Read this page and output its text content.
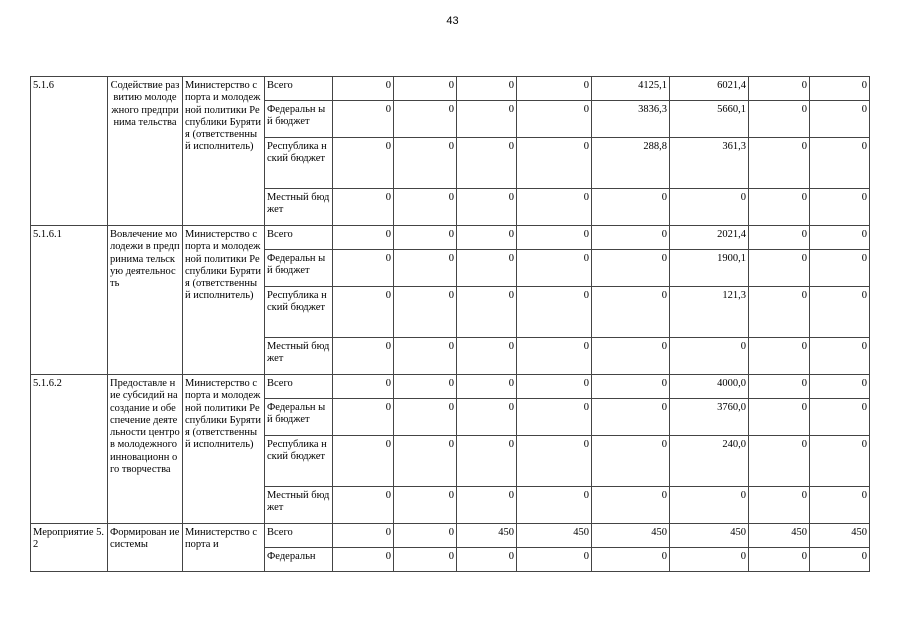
43
5.1.6	Содействие развитию молодежного предпринима тельства	Министерство спорта и молодежной политики Республики Бурятия (ответственны й исполнитель)	Всего	0	0	0	0	4125,1	6021,4	0	0
			Федеральн ый бюджет	0	0	0	0	3836,3	5660,1	0	0
			Республика нский бюджет	0	0	0	0	288,8	361,3	0	0
			Местный бюджет	0	0	0	0	0	0	0	0
5.1.6.1	Вовлечение молодежи в предпринима тельскую деятельность	Министерство спорта и молодежной политики Республики Бурятия (ответственны й исполнитель)	Всего	0	0	0	0	0	2021,4	0	0
			Федеральн ый бюджет	0	0	0	0	0	1900,1	0	0
			Республика нский бюджет	0	0	0	0	0	121,3	0	0
			Местный бюджет	0	0	0	0	0	0	0	0
5.1.6.2	Предоставле ние субсидий на создание и обеспечение деятельности центров молодежного инновационн ого творчества	Министерство спорта и молодежной политики Республики Бурятия (ответственны й исполнитель)	Всего	0	0	0	0	0	4000,0	0	0
			Федеральн ый бюджет	0	0	0	0	0	3760,0	0	0
			Республика нский бюджет	0	0	0	0	0	240,0	0	0
			Местный бюджет	0	0	0	0	0	0	0	0
Мероприятие 5.2	Формирован ие системы	Министерство спорта и	Всего	0	0	450	450	450	450	450	450
			Федеральн	0	0	0	0	0	0	0	0
